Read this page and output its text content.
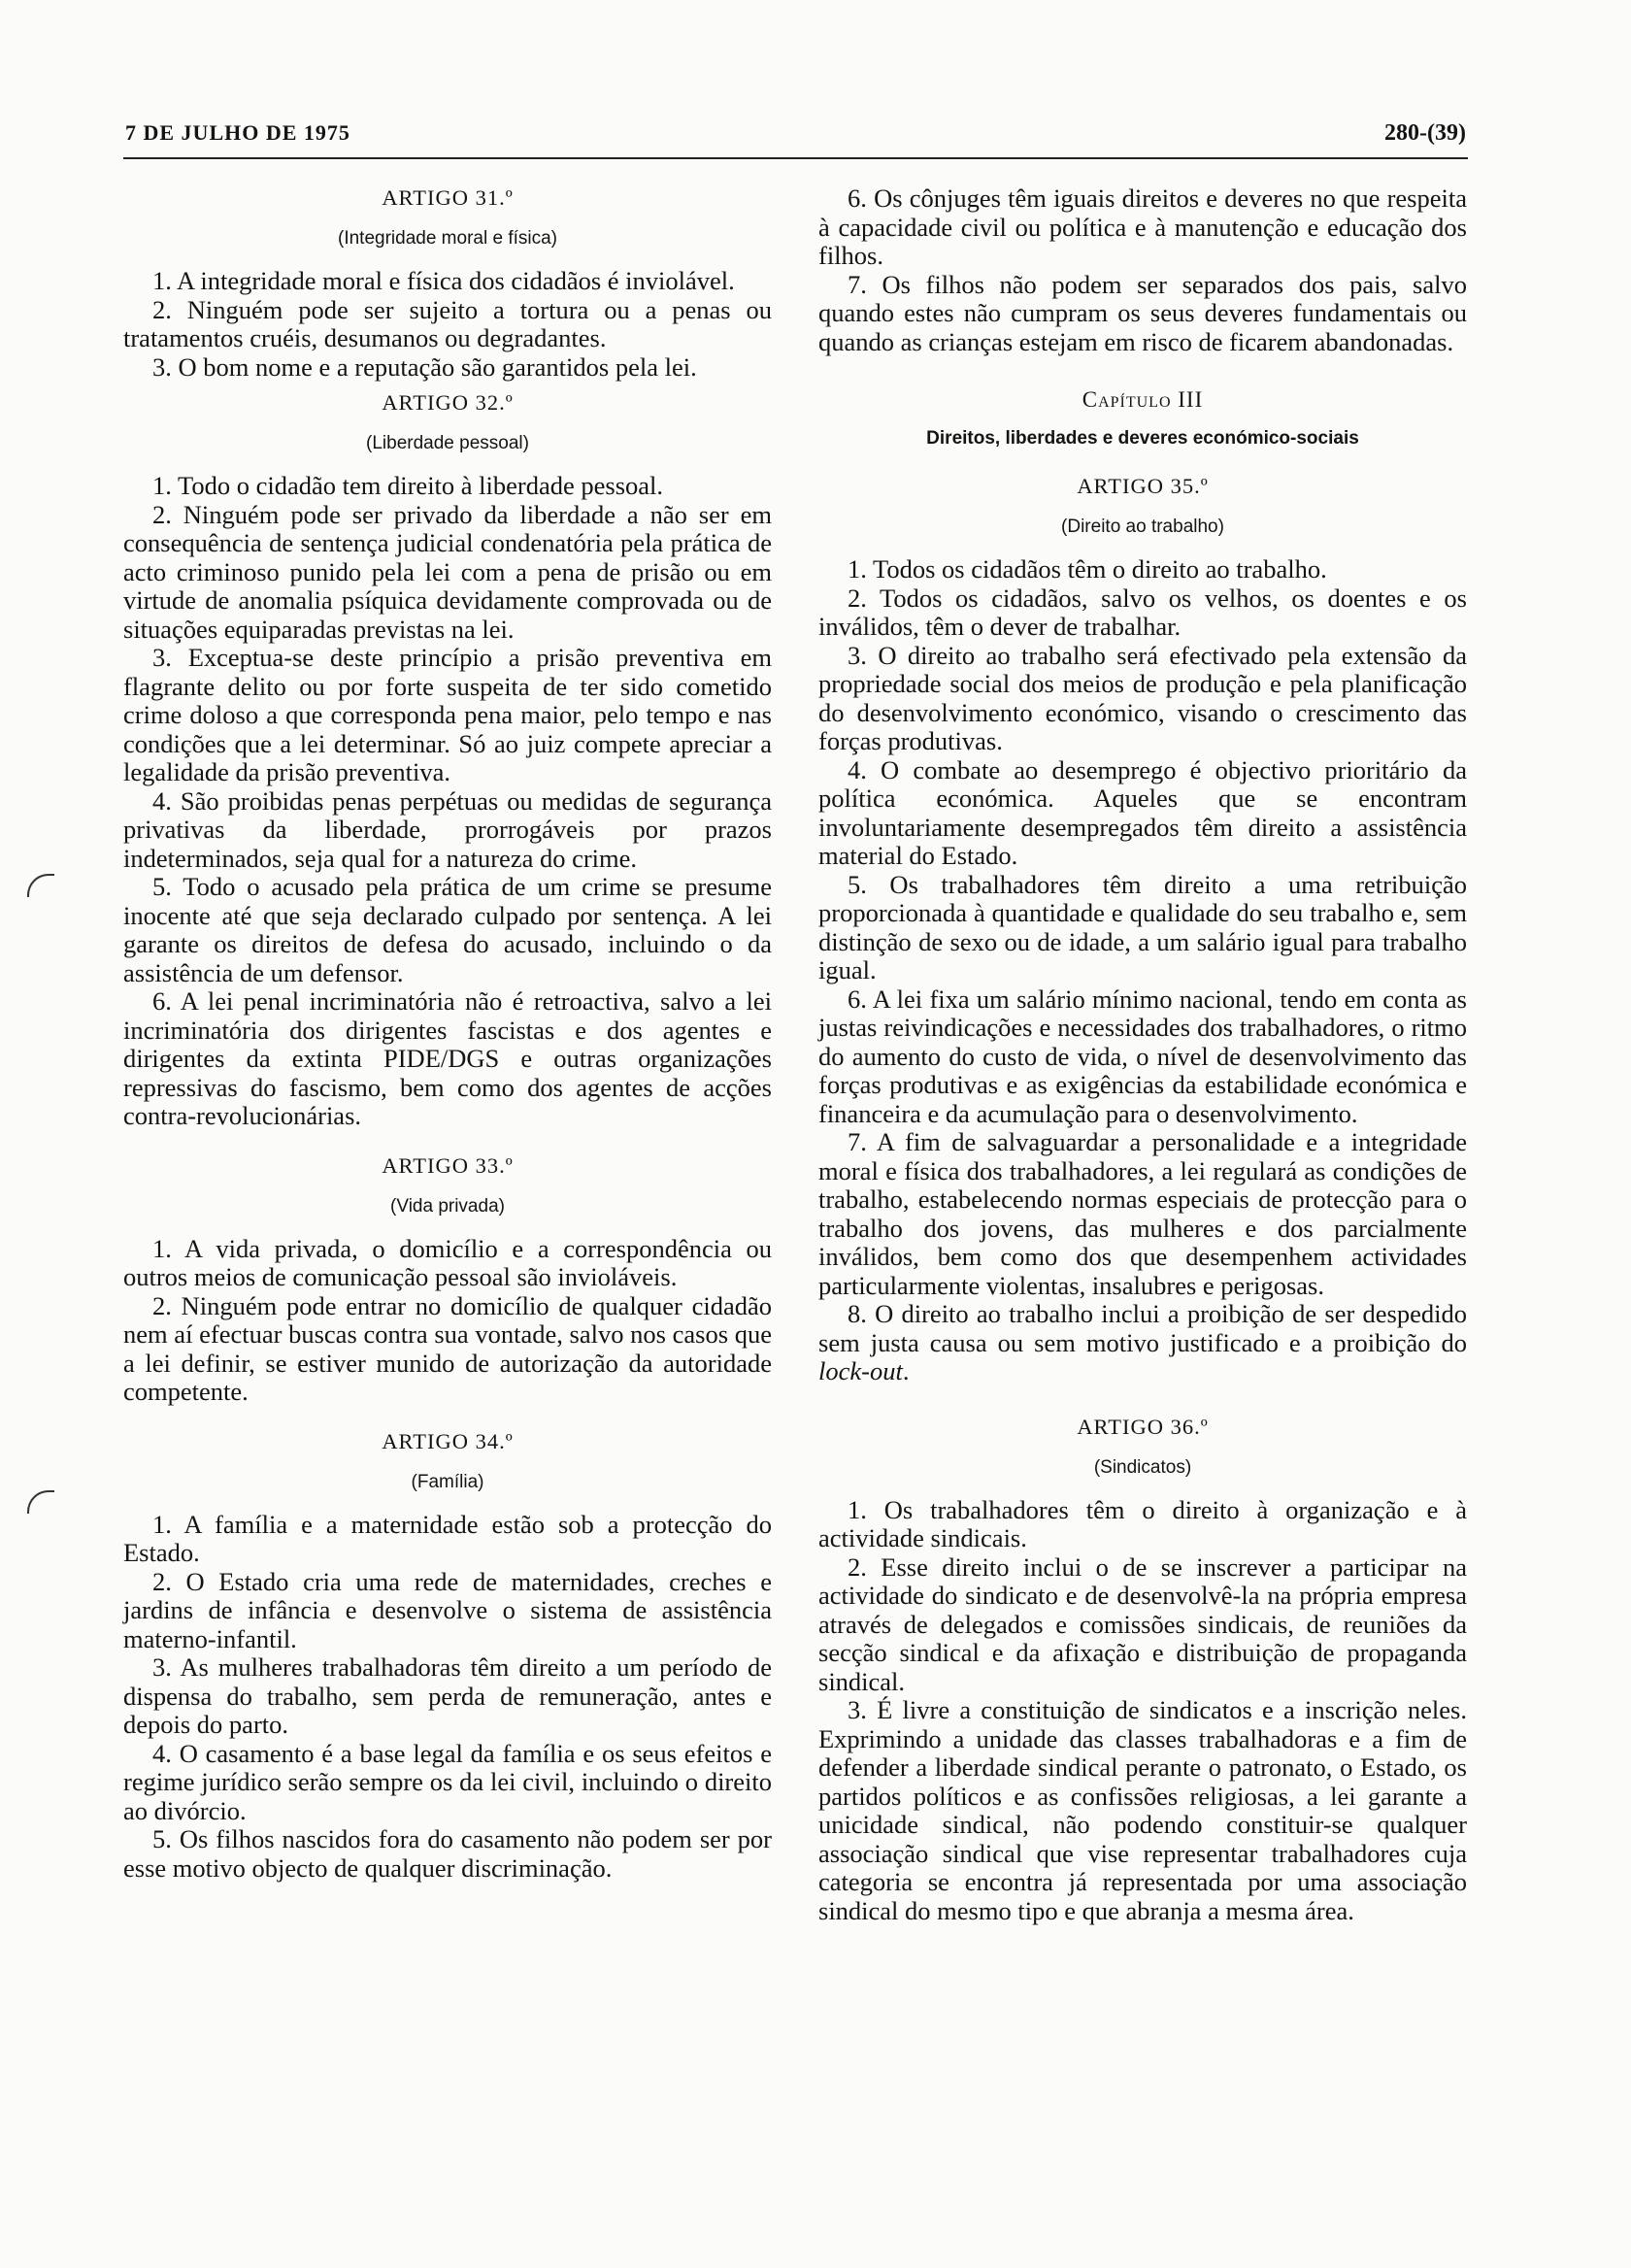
7 DE JULHO DE 1975	280-(39)
ARTIGO 31.º
(Integridade moral e física)

1. A integridade moral e física dos cidadãos é inviolável.

2. Ninguém pode ser sujeito a tortura ou a penas ou tratamentos cruéis, desumanos ou degradantes.

3. O bom nome e a reputação são garantidos pela lei.

ARTIGO 32.º
(Liberdade pessoal)

1. Todo o cidadão tem direito à liberdade pessoal.

2. Ninguém pode ser privado da liberdade a não ser em consequência de sentença judicial condenatória pela prática de acto criminoso punido pela lei com a pena de prisão ou em virtude de anomalia psíquica devidamente comprovada ou de situações equiparadas previstas na lei.

3. Exceptua-se deste princípio a prisão preventiva em flagrante delito ou por forte suspeita de ter sido cometido crime doloso a que corresponda pena maior, pelo tempo e nas condições que a lei determinar. Só ao juiz compete apreciar a legalidade da prisão preventiva.

4. São proibidas penas perpétuas ou medidas de segurança privativas da liberdade, prorrogáveis por prazos indeterminados, seja qual for a natureza do crime.

5. Todo o acusado pela prática de um crime se presume inocente até que seja declarado culpado por sentença. A lei garante os direitos de defesa do acusado, incluindo o da assistência de um defensor.

6. A lei penal incriminatória não é retroactiva, salvo a lei incriminatória dos dirigentes fascistas e dos agentes e dirigentes da extinta PIDE/DGS e outras organizações repressivas do fascismo, bem como dos agentes de acções contra-revolucionárias.

ARTIGO 33.º
(Vida privada)

1. A vida privada, o domicílio e a correspondência ou outros meios de comunicação pessoal são invioláveis.

2. Ninguém pode entrar no domicílio de qualquer cidadão nem aí efectuar buscas contra sua vontade, salvo nos casos que a lei definir, se estiver munido de autorização da autoridade competente.

ARTIGO 34.º
(Família)

1. A família e a maternidade estão sob a protecção do Estado.

2. O Estado cria uma rede de maternidades, creches e jardins de infância e desenvolve o sistema de assistência materno-infantil.

3. As mulheres trabalhadoras têm direito a um período de dispensa do trabalho, sem perda de remuneração, antes e depois do parto.

4. O casamento é a base legal da família e os seus efeitos e regime jurídico serão sempre os da lei civil, incluindo o direito ao divórcio.

5. Os filhos nascidos fora do casamento não podem ser por esse motivo objecto de qualquer discriminação.

6. Os cônjuges têm iguais direitos e deveres no que respeita à capacidade civil ou política e à manutenção e educação dos filhos.

7. Os filhos não podem ser separados dos pais, salvo quando estes não cumpram os seus deveres fundamentais ou quando as crianças estejam em risco de ficarem abandonadas.

Capítulo III
Direitos, liberdades e deveres económico-sociais
ARTIGO 35.º
(Direito ao trabalho)

1. Todos os cidadãos têm o direito ao trabalho.

2. Todos os cidadãos, salvo os velhos, os doentes e os inválidos, têm o dever de trabalhar.

3. O direito ao trabalho será efectivado pela extensão da propriedade social dos meios de produção e pela planificação do desenvolvimento económico, visando o crescimento das forças produtivas.

4. O combate ao desemprego é objectivo prioritário da política económica. Aqueles que se encontram involuntariamente desempregados têm direito a assistência material do Estado.

5. Os trabalhadores têm direito a uma retribuição proporcionada à quantidade e qualidade do seu trabalho e, sem distinção de sexo ou de idade, a um salário igual para trabalho igual.

6. A lei fixa um salário mínimo nacional, tendo em conta as justas reivindicações e necessidades dos trabalhadores, o ritmo do aumento do custo de vida, o nível de desenvolvimento das forças produtivas e as exigências da estabilidade económica e financeira e da acumulação para o desenvolvimento.

7. A fim de salvaguardar a personalidade e a integridade moral e física dos trabalhadores, a lei regulará as condições de trabalho, estabelecendo normas especiais de protecção para o trabalho dos jovens, das mulheres e dos parcialmente inválidos, bem como dos que desempenhem actividades particularmente violentas, insalubres e perigosas.

8. O direito ao trabalho inclui a proibição de ser despedido sem justa causa ou sem motivo justificado e a proibição do lock-out.

ARTIGO 36.º
(Sindicatos)

1. Os trabalhadores têm o direito à organização e à actividade sindicais.

2. Esse direito inclui o de se inscrever a participar na actividade do sindicato e de desenvolvê-la na própria empresa através de delegados e comissões sindicais, de reuniões da secção sindical e da afixação e distribuição de propaganda sindical.

3. É livre a constituição de sindicatos e a inscrição neles. Exprimindo a unidade das classes trabalhadoras e a fim de defender a liberdade sindical perante o patronato, o Estado, os partidos políticos e as confissões religiosas, a lei garante a unicidade sindical, não podendo constituir-se qualquer associação sindical que vise representar trabalhadores cuja categoria se encontra já representada por uma associação sindical do mesmo tipo e que abranja a mesma área.
